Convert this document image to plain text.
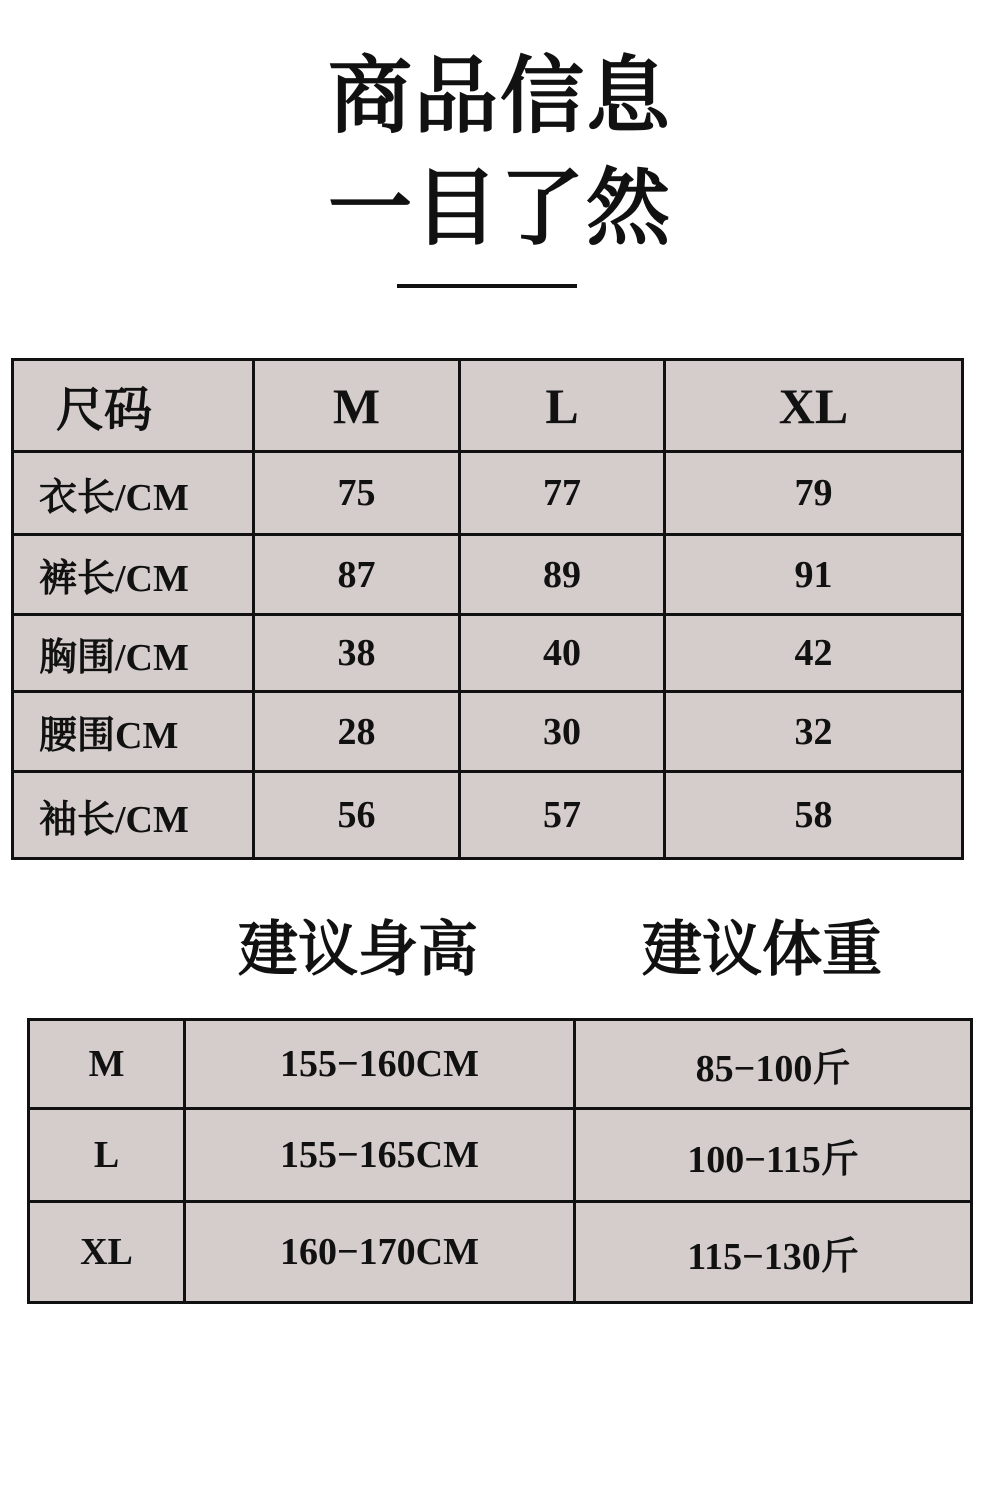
商品信息
一目了然
尺码	M	L	XL
衣长/CM	75	77	79
裤长/CM	87	89	91
胸围/CM	38	40	42
腰围CM	28	30	32
袖长/CM	56	57	58
建议身高	建议体重
M	155−160CM	85−100斤
L	155−165CM	100−115斤
XL	160−170CM	115−130斤
